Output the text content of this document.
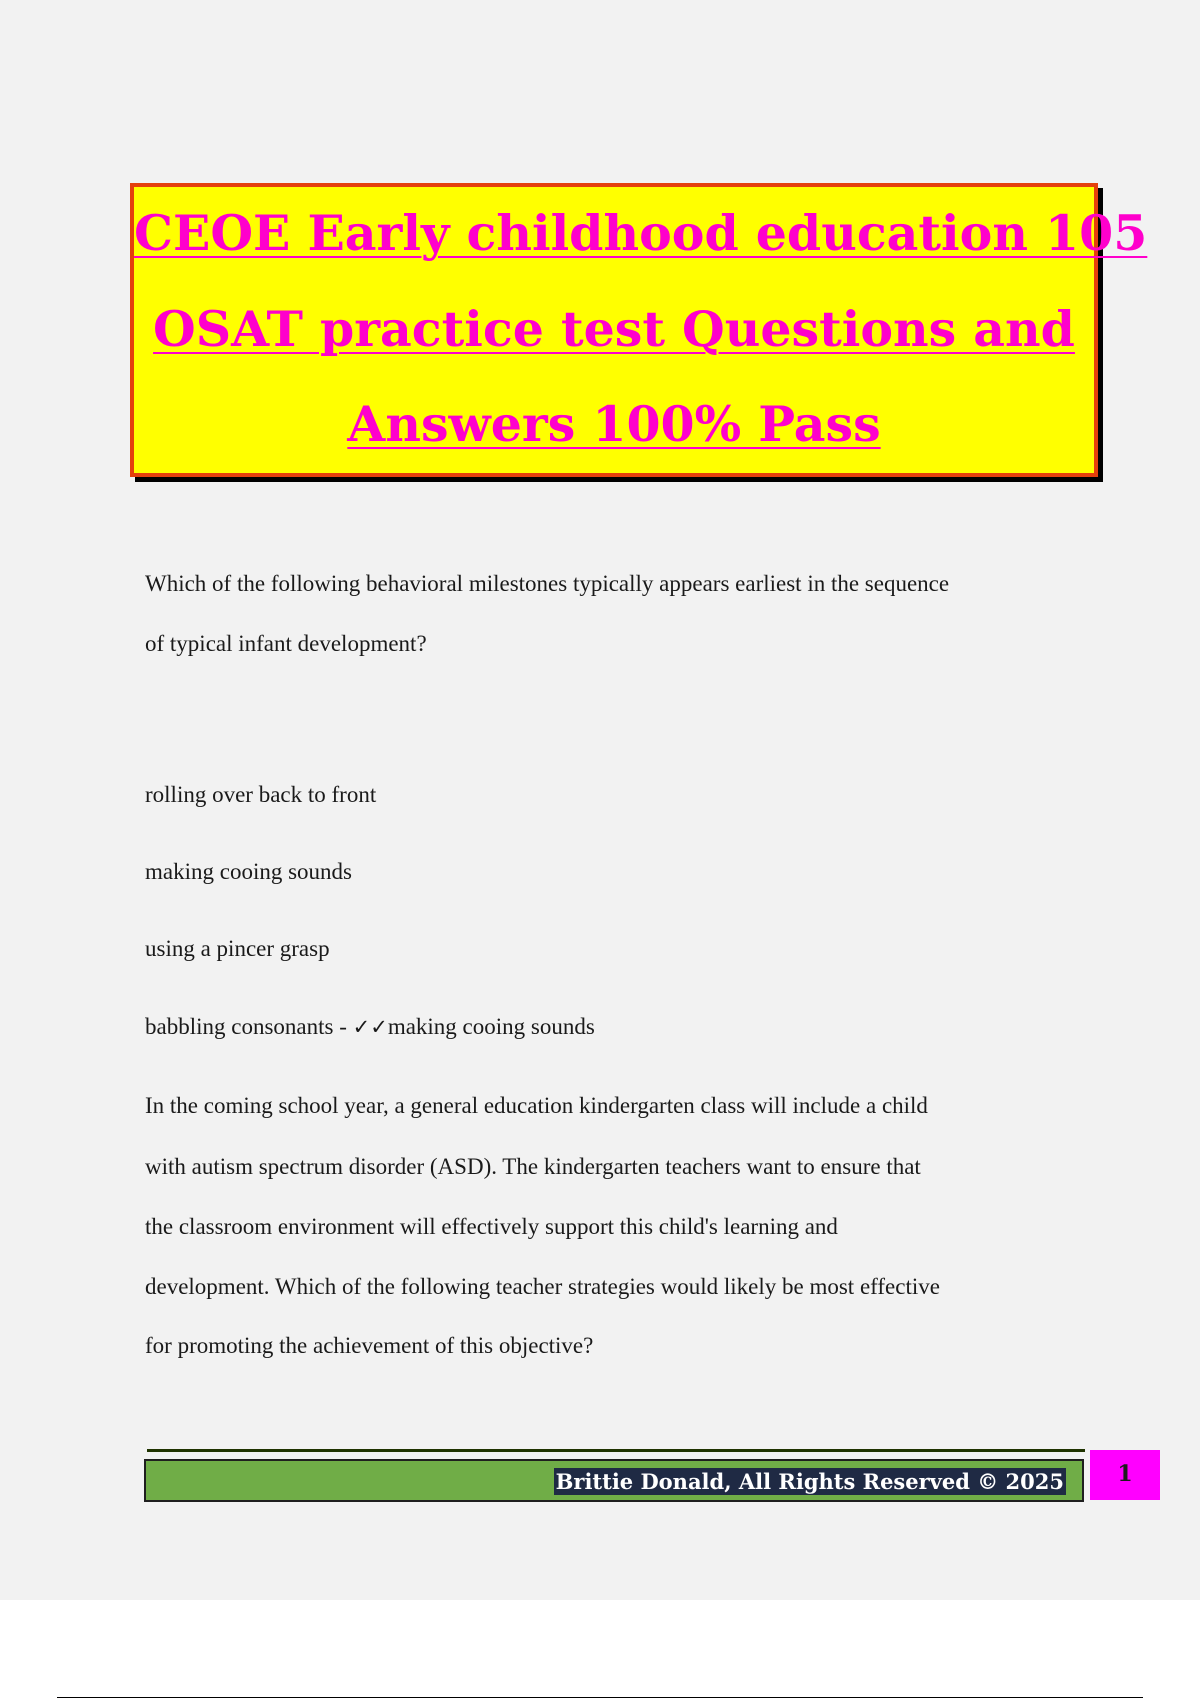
CEOE Early childhood education 105
OSAT practice test Questions and
Answers 100% Pass
Which of the following behavioral milestones typically appears earliest in the sequence
of typical infant development?
rolling over back to front
making cooing sounds
using a pincer grasp
babbling consonants - ✓✓making cooing sounds
In the coming school year, a general education kindergarten class will include a child
with autism spectrum disorder (ASD). The kindergarten teachers want to ensure that
the classroom environment will effectively support this child's learning and
development. Which of the following teacher strategies would likely be most effective
for promoting the achievement of this objective?
Brittie Donald, All Rights Reserved © 2025	1
